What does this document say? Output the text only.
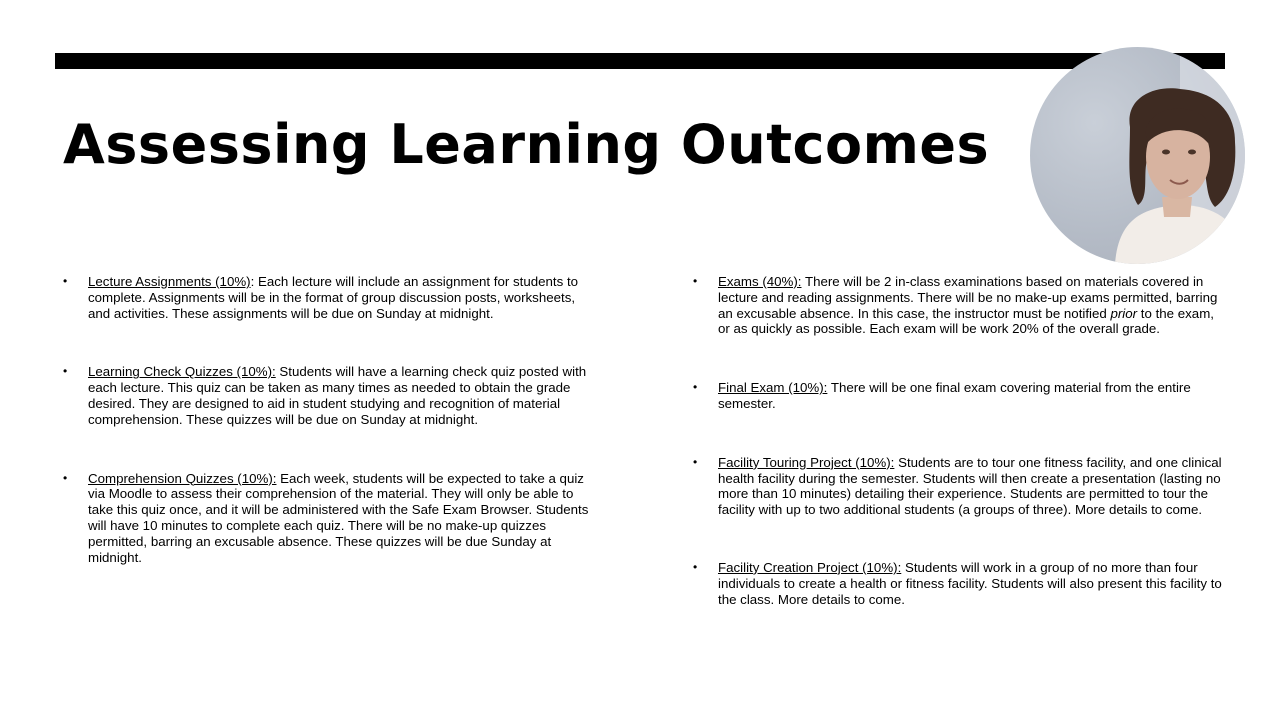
Assessing Learning Outcomes
• Lecture Assignments (10%): Each lecture will include an assignment for students to complete. Assignments will be in the format of group discussion posts, worksheets, and activities. These assignments will be due on Sunday at midnight.
• Learning Check Quizzes (10%): Students will have a learning check quiz posted with each lecture. This quiz can be taken as many times as needed to obtain the grade desired. They are designed to aid in student studying and recognition of material comprehension. These quizzes will be due on Sunday at midnight.
• Comprehension Quizzes (10%): Each week, students will be expected to take a quiz via Moodle to assess their comprehension of the material. They will only be able to take this quiz once, and it will be administered with the Safe Exam Browser. Students will have 10 minutes to complete each quiz. There will be no make-up quizzes permitted, barring an excusable absence. These quizzes will be due Sunday at midnight.
• Exams (40%): There will be 2 in-class examinations based on materials covered in lecture and reading assignments. There will be no make-up exams permitted, barring an excusable absence. In this case, the instructor must be notified prior to the exam, or as quickly as possible. Each exam will be work 20% of the overall grade.
• Final Exam (10%): There will be one final exam covering material from the entire semester.
• Facility Touring Project (10%): Students are to tour one fitness facility, and one clinical health facility during the semester. Students will then create a presentation (lasting no more than 10 minutes) detailing their experience. Students are permitted to tour the facility with up to two additional students (a groups of three). More details to come.
• Facility Creation Project (10%): Students will work in a group of no more than four individuals to create a health or fitness facility. Students will also present this facility to the class. More details to come.
